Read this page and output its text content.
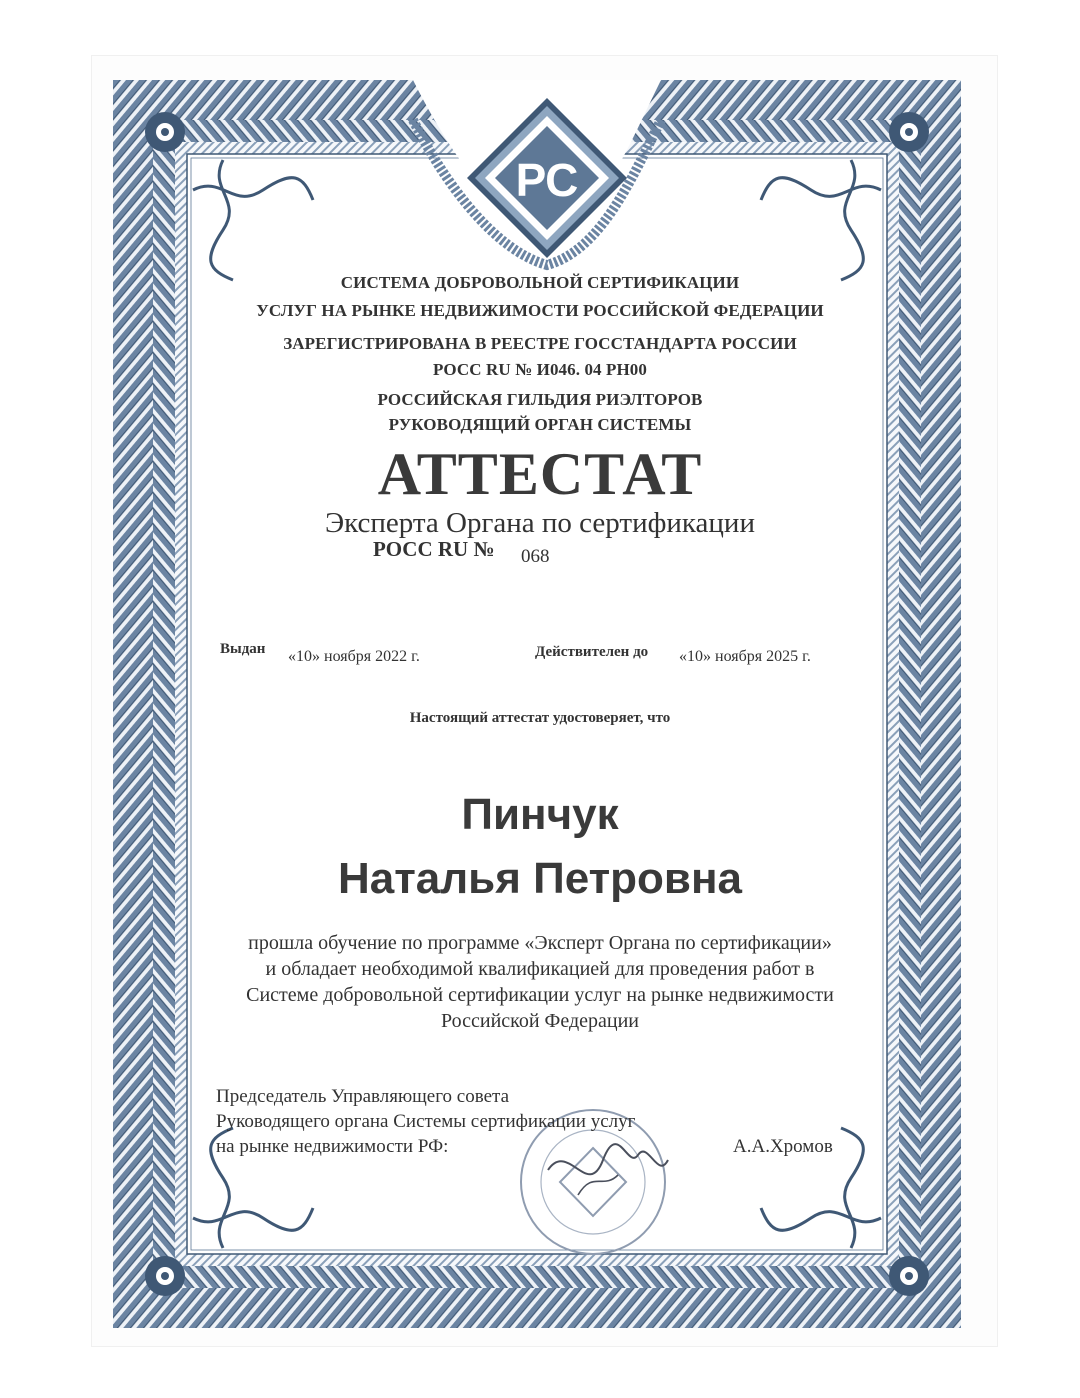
РС
СИСТЕМА ДОБРОВОЛЬНОЙ СЕРТИФИКАЦИИ
УСЛУГ НА РЫНКЕ НЕДВИЖИМОСТИ РОССИЙСКОЙ ФЕДЕРАЦИИ
ЗАРЕГИСТРИРОВАНА В РЕЕСТРЕ ГОССТАНДАРТА РОССИИ
РОСС RU № И046. 04 РН00
РОССИЙСКАЯ ГИЛЬДИЯ РИЭЛТОРОВ
РУКОВОДЯЩИЙ ОРГАН СИСТЕМЫ
АТТЕСТАТ
Эксперта Органа по сертификации
РОСС RU № 068
Выдан «10» ноября 2022 г.	Действителен до «10» ноября 2025 г.
Настоящий аттестат удостоверяет, что
Пинчук
Наталья Петровна
прошла обучение по программе «Эксперт Органа по сертификации»
и обладает необходимой квалификацией для проведения работ в
Системе добровольной сертификации услуг на рынке недвижимости
Российской Федерации
Председатель Управляющего совета
Руководящего органа Системы сертификации услуг
на рынке недвижимости РФ:	А.А.Хромов
